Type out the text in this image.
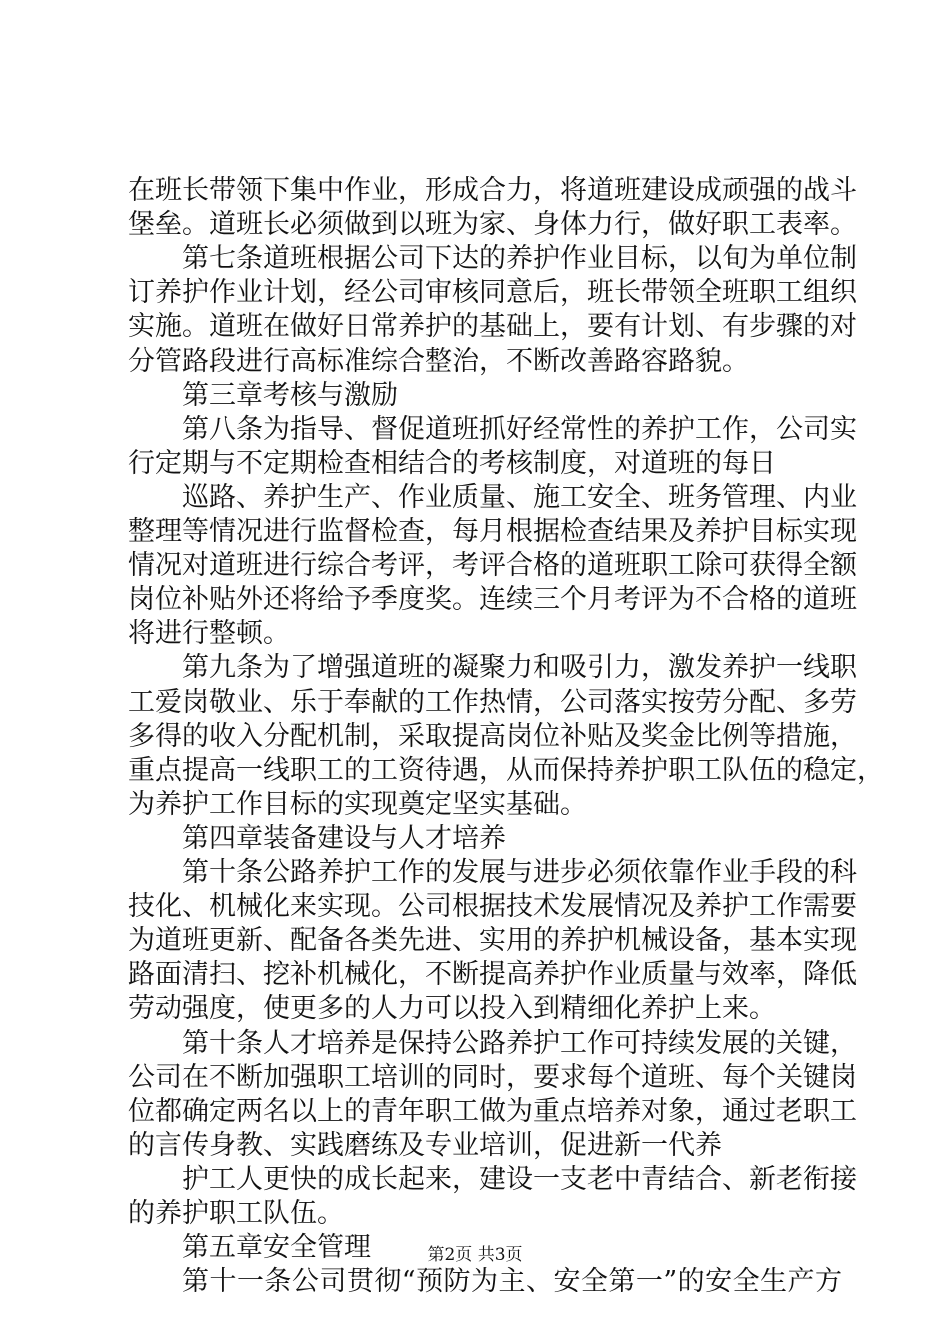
在班长带领下集中作业，形成合力，将道班建设成顽强的战斗
堡垒。道班长必须做到以班为家、身体力行，做好职工表率。
第七条道班根据公司下达的养护作业目标，以旬为单位制
订养护作业计划，经公司审核同意后，班长带领全班职工组织
实施。道班在做好日常养护的基础上，要有计划、有步骤的对
分管路段进行高标准综合整治，不断改善路容路貌。
第三章考核与激励
第八条为指导、督促道班抓好经常性的养护工作，公司实
行定期与不定期检查相结合的考核制度，对道班的每日
巡路、养护生产、作业质量、施工安全、班务管理、内业
整理等情况进行监督检查，每月根据检查结果及养护目标实现
情况对道班进行综合考评，考评合格的道班职工除可获得全额
岗位补贴外还将给予季度奖。连续三个月考评为不合格的道班
将进行整顿。
第九条为了增强道班的凝聚力和吸引力，激发养护一线职
工爱岗敬业、乐于奉献的工作热情，公司落实按劳分配、多劳
多得的收入分配机制，采取提高岗位补贴及奖金比例等措施，
重点提高一线职工的工资待遇，从而保持养护职工队伍的稳定，
为养护工作目标的实现奠定坚实基础。
第四章装备建设与人才培养
第十条公路养护工作的发展与进步必须依靠作业手段的科
技化、机械化来实现。公司根据技术发展情况及养护工作需要
为道班更新、配备各类先进、实用的养护机械设备，基本实现
路面清扫、挖补机械化，不断提高养护作业质量与效率，降低
劳动强度，使更多的人力可以投入到精细化养护上来。
第十条人才培养是保持公路养护工作可持续发展的关键，
公司在不断加强职工培训的同时，要求每个道班、每个关键岗
位都确定两名以上的青年职工做为重点培养对象，通过老职工
的言传身教、实践磨练及专业培训，促进新一代养
护工人更快的成长起来，建设一支老中青结合、新老衔接
的养护职工队伍。
第五章安全管理
第十一条公司贯彻“预防为主、安全第一”的安全生产方
第2页 共3页
